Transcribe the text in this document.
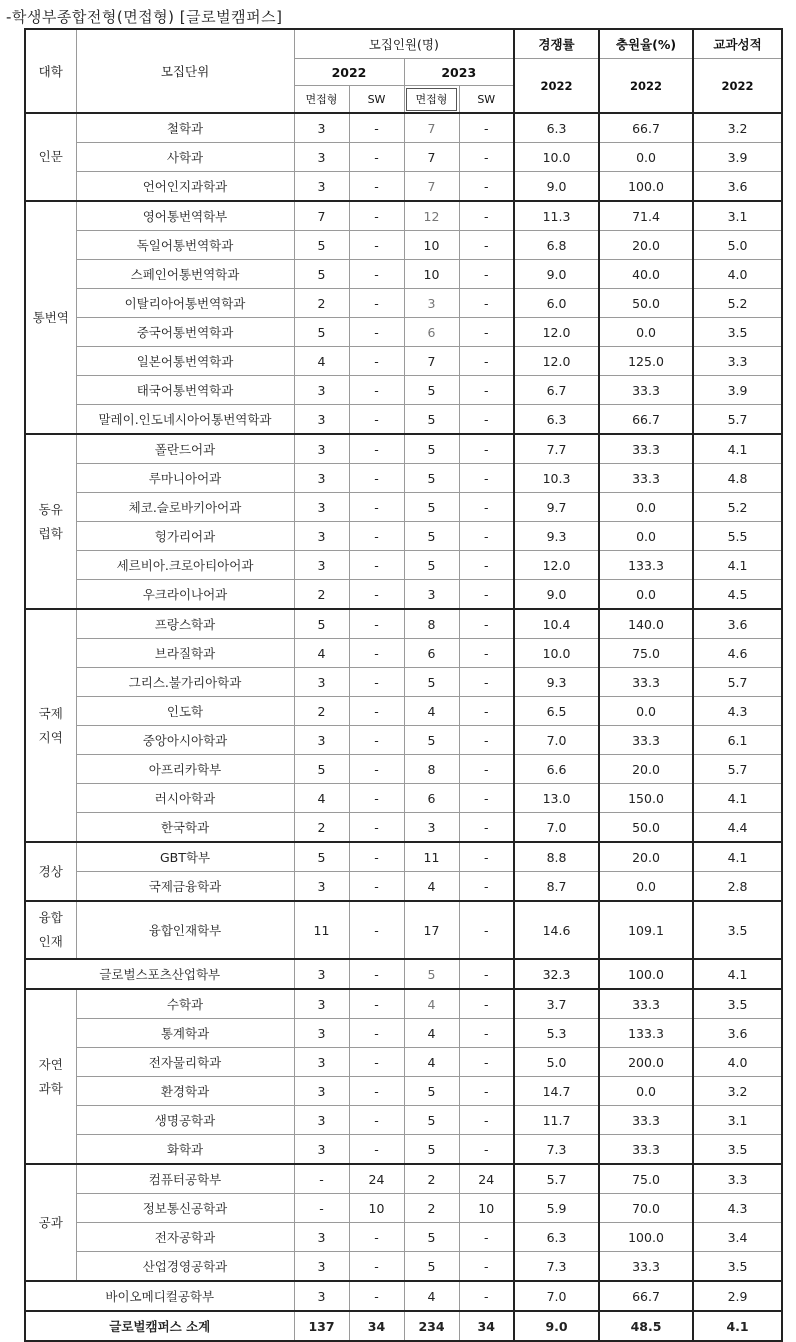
-학생부종합전형(면접형) [글로벌캠퍼스]
대학	모집단위	모집인원(명)				경쟁률	충원율(%)	교과성적
		2022		2023		2022	2022	2022
		면접형	SW	면접형	SW			

인문	철학과	3	-	7	-	6.3	66.7	3.2
	사학과	3	-	7	-	10.0	0.0	3.9
	언어인지과학과	3	-	7	-	9.0	100.0	3.6

통번역	영어통번역학부	7	-	12	-	11.3	71.4	3.1
	독일어통번역학과	5	-	10	-	6.8	20.0	5.0
	스페인어통번역학과	5	-	10	-	9.0	40.0	4.0
	이탈리아어통번역학과	2	-	3	-	6.0	50.0	5.2
	중국어통번역학과	5	-	6	-	12.0	0.0	3.5
	일본어통번역학과	4	-	7	-	12.0	125.0	3.3
	태국어통번역학과	3	-	5	-	6.7	33.3	3.9
	말레이.인도네시아어통번역학과	3	-	5	-	6.3	66.7	5.7

동유
럽학	폴란드어과	3	-	5	-	7.7	33.3	4.1
	루마니아어과	3	-	5	-	10.3	33.3	4.8
	체코.슬로바키아어과	3	-	5	-	9.7	0.0	5.2
	헝가리어과	3	-	5	-	9.3	0.0	5.5
	세르비아.크로아티아어과	3	-	5	-	12.0	133.3	4.1
	우크라이나어과	2	-	3	-	9.0	0.0	4.5

국제
지역	프랑스학과	5	-	8	-	10.4	140.0	3.6
	브라질학과	4	-	6	-	10.0	75.0	4.6
	그리스.불가리아학과	3	-	5	-	9.3	33.3	5.7
	인도학	2	-	4	-	6.5	0.0	4.3
	중앙아시아학과	3	-	5	-	7.0	33.3	6.1
	아프리카학부	5	-	8	-	6.6	20.0	5.7
	러시아학과	4	-	6	-	13.0	150.0	4.1
	한국학과	2	-	3	-	7.0	50.0	4.4

경상	GBT학부	5	-	11	-	8.8	20.0	4.1
	국제금융학과	3	-	4	-	8.7	0.0	2.8

융합
인재	융합인재학부	11	-	17	-	14.6	109.1	3.5
글로벌스포츠산업학부		3	-	5	-	32.3	100.0	4.1

자연
과학	수학과	3	-	4	-	3.7	33.3	3.5
	통계학과	3	-	4	-	5.3	133.3	3.6
	전자물리학과	3	-	4	-	5.0	200.0	4.0
	환경학과	3	-	5	-	14.7	0.0	3.2
	생명공학과	3	-	5	-	11.7	33.3	3.1
	화학과	3	-	5	-	7.3	33.3	3.5

공과	컴퓨터공학부	-	24	2	24	5.7	75.0	3.3
	정보통신공학과	-	10	2	10	5.9	70.0	4.3
	전자공학과	3	-	5	-	6.3	100.0	3.4
	산업경영공학과	3	-	5	-	7.3	33.3	3.5
바이오메디컬공학부		3	-	4	-	7.0	66.7	2.9
글로벌캠퍼스 소계		137	34	234	34	9.0	48.5	4.1
